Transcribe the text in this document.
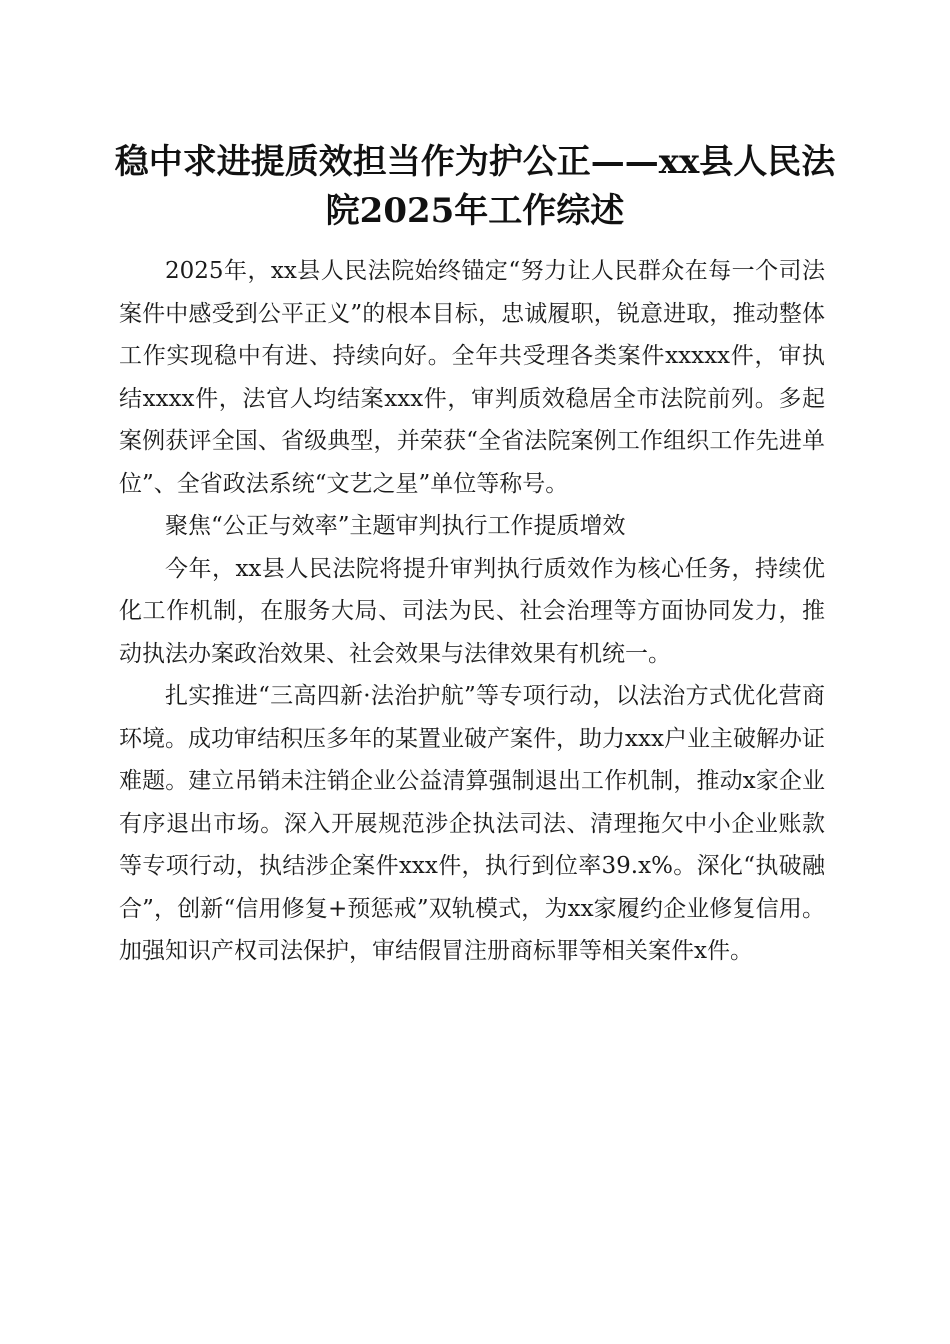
稳中求进提质效担当作为护公正——xx县人民法院2025年工作综述

2025年，xx县人民法院始终锚定“努力让人民群众在每一个司法案件中感受到公平正义”的根本目标，忠诚履职，锐意进取，推动整体工作实现稳中有进、持续向好。全年共受理各类案件xxxxx件，审执结xxxx件，法官人均结案xxx件，审判质效稳居全市法院前列。多起案例获评全国、省级典型，并荣获“全省法院案例工作组织工作先进单位”、全省政法系统“文艺之星”单位等称号。

聚焦“公正与效率”主题审判执行工作提质增效

今年，xx县人民法院将提升审判执行质效作为核心任务，持续优化工作机制，在服务大局、司法为民、社会治理等方面协同发力，推动执法办案政治效果、社会效果与法律效果有机统一。

扎实推进“三高四新·法治护航”等专项行动，以法治方式优化营商环境。成功审结积压多年的某置业破产案件，助力xxx户业主破解办证难题。建立吊销未注销企业公益清算强制退出工作机制，推动x家企业有序退出市场。深入开展规范涉企执法司法、清理拖欠中小企业账款等专项行动，执结涉企案件xxx件，执行到位率39.x%。深化“执破融合”，创新“信用修复+预惩戒”双轨模式，为xx家履约企业修复信用。加强知识产权司法保护，审结假冒注册商标罪等相关案件x件。
